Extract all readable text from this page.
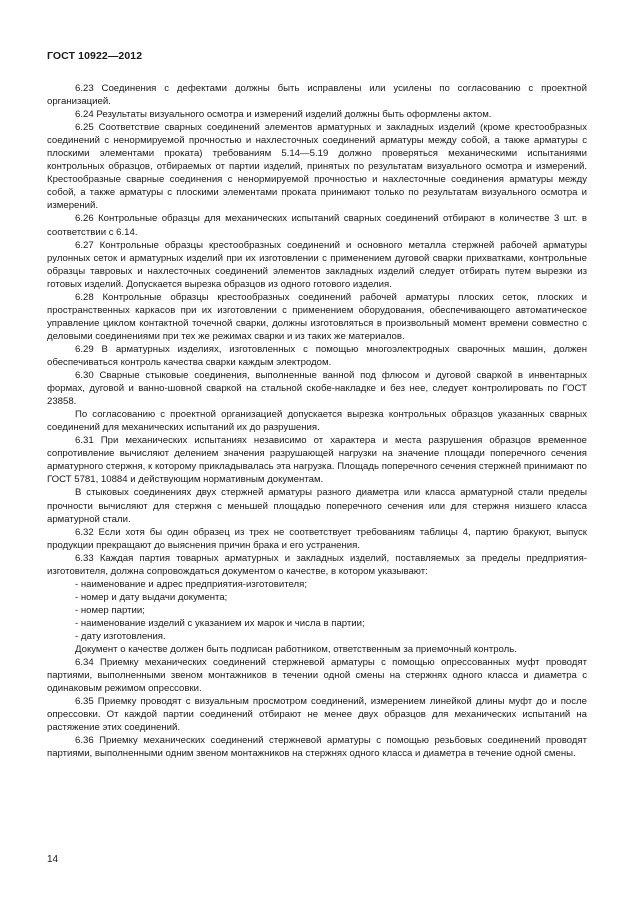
ГОСТ 10922—2012

6.23 Соединения с дефектами должны быть исправлены или усилены по согласованию с проектной организацией.

6.24 Результаты визуального осмотра и измерений изделий должны быть оформлены актом.

6.25 Соответствие сварных соединений элементов арматурных и закладных изделий (кроме крестообразных соединений с ненормируемой прочностью и нахлесточных соединений арматуры между собой, а также арматуры с плоскими элементами проката) требованиям 5.14—5.19 должно проверяться механическими испытаниями контрольных образцов, отбираемых от партии изделий, принятых по результатам визуального осмотра и измерений. Крестообразные сварные соединения с ненормируемой прочностью и нахлесточные соединения арматуры между собой, а также арматуры с плоскими элементами проката принимают только по результатам визуального осмотра и измерений.

6.26 Контрольные образцы для механических испытаний сварных соединений отбирают в количестве 3 шт. в соответствии с 6.14.

6.27 Контрольные образцы крестообразных соединений и основного металла стержней рабочей арматуры рулонных сеток и арматурных изделий при их изготовлении с применением дуговой сварки прихватками, контрольные образцы тавровых и нахлесточных соединений элементов закладных изделий следует отбирать путем вырезки из готовых изделий. Допускается вырезка образцов из одного готового изделия.

6.28 Контрольные образцы крестообразных соединений рабочей арматуры плоских сеток, плоских и пространственных каркасов при их изготовлении с применением оборудования, обеспечивающего автоматическое управление циклом контактной точечной сварки, должны изготовляться в произвольный момент времени совместно с деловыми соединениями при тех же режимах сварки и из таких же материалов.

6.29 В арматурных изделиях, изготовленных с помощью многоэлектродных сварочных машин, должен обеспечиваться контроль качества сварки каждым электродом.

6.30 Сварные стыковые соединения, выполненные ванной под флюсом и дуговой сваркой в инвентарных формах, дуговой и ванно-шовной сваркой на стальной скобе-накладке и без нее, следует контролировать по ГОСТ 23858.

По согласованию с проектной организацией допускается вырезка контрольных образцов указанных сварных соединений для механических испытаний их до разрушения.

6.31 При механических испытаниях независимо от характера и места разрушения образцов временное сопротивление вычисляют делением значения разрушающей нагрузки на значение площади поперечного сечения арматурного стержня, к которому прикладывалась эта нагрузка. Площадь поперечного сечения стержней принимают по ГОСТ 5781, 10884 и действующим нормативным документам.

В стыковых соединениях двух стержней арматуры разного диаметра или класса арматурной стали пределы прочности вычисляют для стержня с меньшей площадью поперечного сечения или для стержня низшего класса арматурной стали.

6.32 Если хотя бы один образец из трех не соответствует требованиям таблицы 4, партию бракуют, выпуск продукции прекращают до выяснения причин брака и его устранения.

6.33 Каждая партия товарных арматурных и закладных изделий, поставляемых за пределы предприятия-изготовителя, должна сопровождаться документом о качестве, в котором указывают:

- наименование и адрес предприятия-изготовителя;

- номер и дату выдачи документа;

- номер партии;

- наименование изделий с указанием их марок и числа в партии;

- дату изготовления.

Документ о качестве должен быть подписан работником, ответственным за приемочный контроль.

6.34 Приемку механических соединений стержневой арматуры с помощью опрессованных муфт проводят партиями, выполненными звеном монтажников в течении одной смены на стержнях одного класса и диаметра с одинаковым режимом опрессовки.

6.35 Приемку проводят с визуальным просмотром соединений, измерением линейкой длины муфт до и после опрессовки. От каждой партии соединений отбирают не менее двух образцов для механических испытаний на растяжение этих соединений.

6.36 Приемку механических соединений стержневой арматуры с помощью резьбовых соединений проводят партиями, выполненными одним звеном монтажников на стержнях одного класса и диаметра в течение одной смены.

14
